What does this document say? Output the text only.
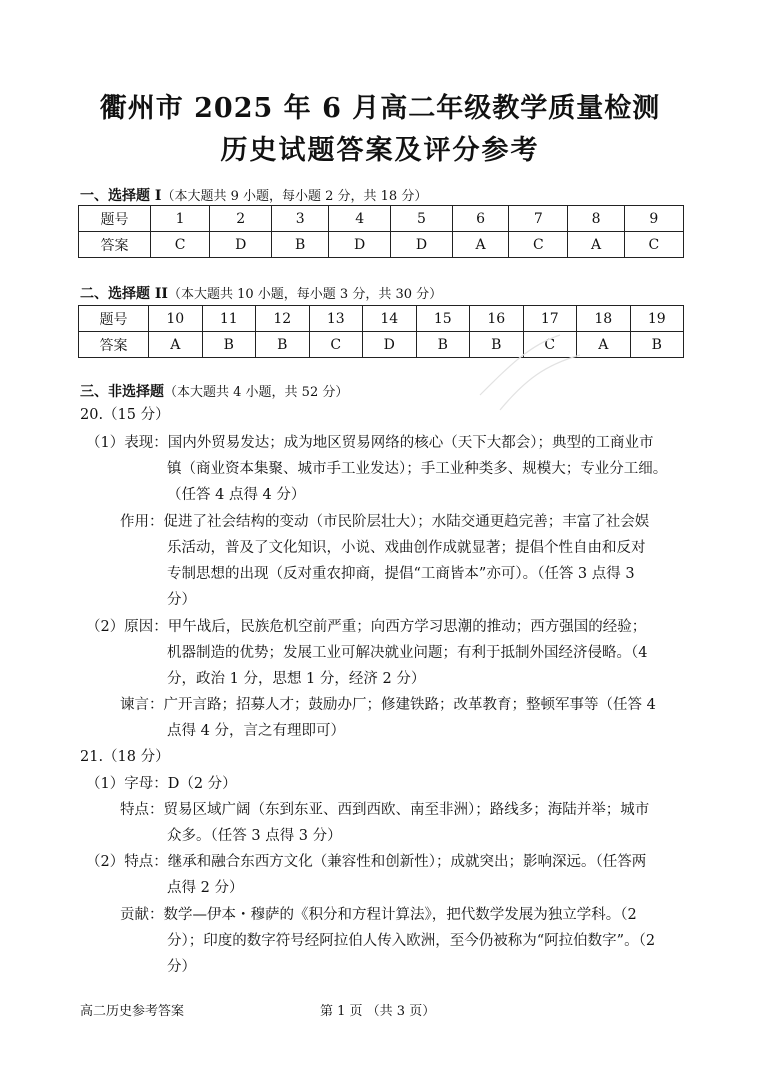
衢州市 2025 年 6 月高二年级教学质量检测
历史试题答案及评分参考
一、选择题 I（本大题共 9 小题，每小题 2 分，共 18 分）
题号	1	2	3	4	5	6	7	8	9
答案	C	D	B	D	D	A	C	A	C
二、选择题 II（本大题共 10 小题，每小题 3 分，共 30 分）
题号	10	11	12	13	14	15	16	17	18	19
答案	A	B	B	C	D	B	B	C	A	B
三、非选择题（本大题共 4 小题，共 52 分）
20.（15 分）
（1）表现：国内外贸易发达；成为地区贸易网络的核心（天下大都会）；典型的工商业市
镇（商业资本集聚、城市手工业发达）；手工业种类多、规模大；专业分工细。
（任答 4 点得 4 分）
作用：促进了社会结构的变动（市民阶层壮大）；水陆交通更趋完善；丰富了社会娱
乐活动，普及了文化知识，小说、戏曲创作成就显著；提倡个性自由和反对
专制思想的出现（反对重农抑商，提倡“工商皆本”亦可）。（任答 3 点得 3
分）
（2）原因：甲午战后，民族危机空前严重；向西方学习思潮的推动；西方强国的经验；
机器制造的优势；发展工业可解决就业问题；有利于抵制外国经济侵略。（4
分，政治 1 分，思想 1 分，经济 2 分）
谏言：广开言路；招募人才；鼓励办厂；修建铁路；改革教育；整顿军事等（任答 4
点得 4 分，言之有理即可）
21.（18 分）
（1）字母：D（2 分）
特点：贸易区域广阔（东到东亚、西到西欧、南至非洲）；路线多；海陆并举；城市
众多。（任答 3 点得 3 分）
（2）特点：继承和融合东西方文化（兼容性和创新性）；成就突出；影响深远。（任答两
点得 2 分）
贡献：数学—伊本・穆萨的《积分和方程计算法》，把代数学发展为独立学科。（2
分）；印度的数字符号经阿拉伯人传入欧洲，至今仍被称为“阿拉伯数字”。（2
分）
高二历史参考答案	第 1 页 （共 3 页）
